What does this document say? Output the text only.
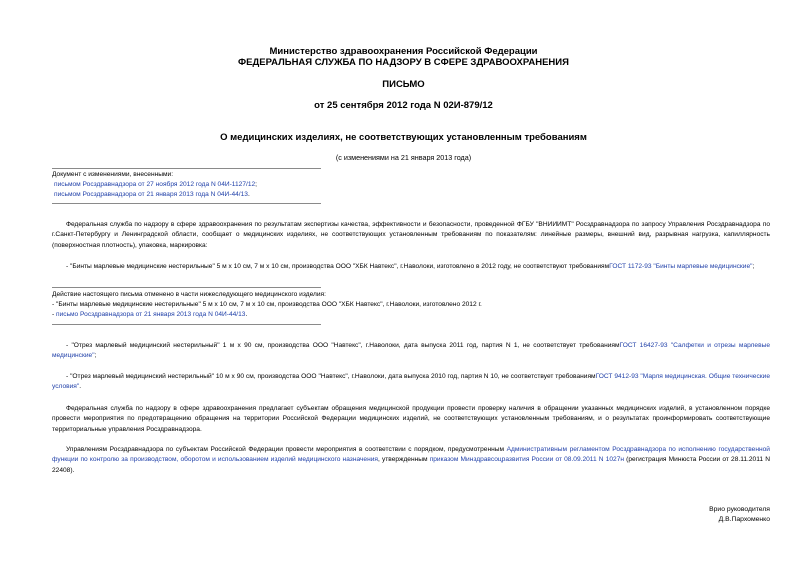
Министерство здравоохранения Российской Федерации
ФЕДЕРАЛЬНАЯ СЛУЖБА ПО НАДЗОРУ В СФЕРЕ ЗДРАВООХРАНЕНИЯ
ПИСЬМО
от 25 сентября 2012 года N 02И-879/12
О медицинских изделиях, не соответствующих установленным требованиям
(с изменениями на 21 января 2013 года)
Документ с изменениями, внесенными:
письмом Росздравнадзора от 27 ноября 2012 года N 04И-1127/12;
письмом Росздравнадзора от 21 января 2013 года N 04И-44/13.

Федеральная служба по надзору в сфере здравоохранения по результатам экспертизы качества, эффективности и безопасности, проведенной ФГБУ "ВНИИИМТ" Росздравнадзора по запросу Управления Росздравнадзора по г.Санкт-Петербургу и Ленинградской области, сообщает о медицинских изделиях, не соответствующих установленным требованиям по показателям: линейные размеры, внешний вид, разрывная нагрузка, капиллярность (поверхностная плотность), упаковка, маркировка:

- "Бинты марлевые медицинские нестерильные" 5 м х 10 см, 7 м х 10 см, производства ООО "ХБК Навтекс", г.Наволоки, изготовлено в 2012 году, не соответствуют требованиямГОСТ 1172-93 "Бинты марлевые медицинские";

Действие настоящего письма отменено в части нижеследующего медицинского изделия:
- "Бинты марлевые медицинские нестерильные" 5 м х 10 см, 7 м х 10 см, производства ООО "ХБК Навтекс", г.Наволоки, изготовлено 2012 г.
- письмо Росздравнадзора от 21 января 2013 года N 04И-44/13.

- "Отрез марлевый медицинский нестерильный" 1 м х 90 см, производства ООО "Навтекс", г.Наволоки, дата выпуска 2011 год, партия N 1, не соответствует требованиямГОСТ 16427-93 "Салфетки и отрезы марлевые медицинские";

- "Отрез марлевый медицинский нестерильный" 10 м х 90 см, производства ООО "Навтекс", г.Наволоки, дата выпуска 2010 год, партия N 10, не соответствует требованиямГОСТ 9412-93 "Марля медицинская. Общие технические условия".

Федеральная служба по надзору в сфере здравоохранения предлагает субъектам обращения медицинской продукции провести проверку наличия в обращении указанных медицинских изделий, в установленном порядке провести мероприятия по предотвращению обращения на территории Российской Федерации медицинских изделий, не соответствующих установленным требованиям, и о результатах проинформировать соответствующие территориальные управления Росздравнадзора.

Управлениям Росздравнадзора по субъектам Российской Федерации провести мероприятия в соответствии с порядком, предусмотренным Административным регламентом Росздравнадзора по исполнению государственной функции по контролю за производством, оборотом и использованием изделий медицинского назначения, утвержденным приказом Минздравсоцразвития России от 08.09.2011 N 1027н (регистрация Минюста России от 28.11.2011 N 22408).

Врио руководителя
Д.В.Пархоменко
